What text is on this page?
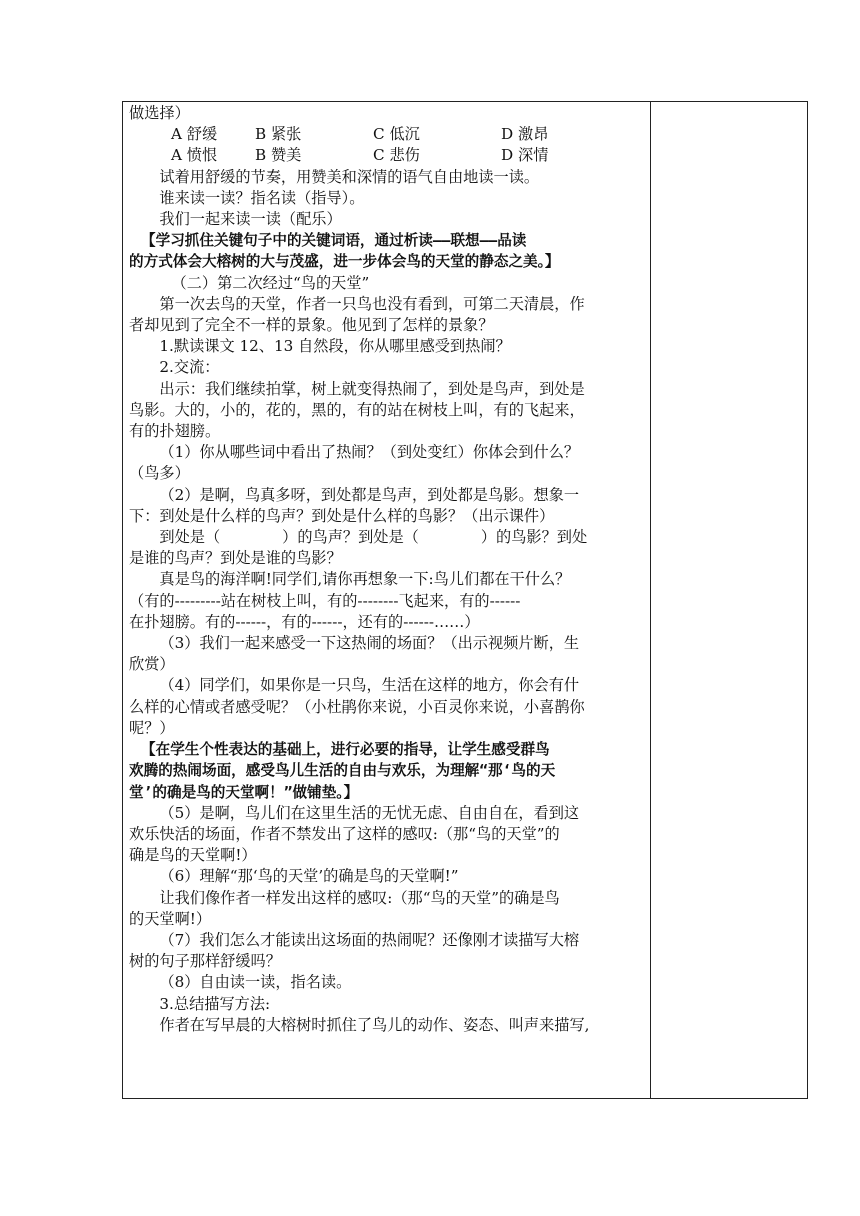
做选择）

A 舒缓	B 紧张	C 低沉	D 激昂
A 愤恨	B 赞美	C 悲伤	D 深情

试着用舒缓的节奏，用赞美和深情的语气自由地读一读。

谁来读一读？指名读（指导）。

我们一起来读一读（配乐）

【学习抓住关键句子中的关键词语，通过析读——联想——品读

的方式体会大榕树的大与茂盛，进一步体会鸟的天堂的静态之美。】

（二）第二次经过“鸟的天堂”

第一次去鸟的天堂，作者一只鸟也没有看到，可第二天清晨，作

者却见到了完全不一样的景象。他见到了怎样的景象？

1.默读课文 12、13 自然段，你从哪里感受到热闹？

2.交流：

出示：我们继续拍掌，树上就变得热闹了，到处是鸟声，到处是

鸟影。大的，小的，花的，黑的，有的站在树枝上叫，有的飞起来，

有的扑翅膀。

（1）你从哪些词中看出了热闹？（到处变红）你体会到什么？

（鸟多）

（2）是啊，鸟真多呀，到处都是鸟声，到处都是鸟影。想象一

下：到处是什么样的鸟声？到处是什么样的鸟影？（出示课件）

到处是（	）的鸟声？到处是（	）的鸟影？到处

是谁的鸟声？到处是谁的鸟影？

真是鸟的海洋啊!同学们,请你再想象一下:鸟儿们都在干什么？

（有的---------站在树枝上叫，有的--------飞起来，有的------

在扑翅膀。有的------，有的------，还有的------……）

（3）我们一起来感受一下这热闹的场面？（出示视频片断，生

欣赏）

（4）同学们，如果你是一只鸟，生活在这样的地方，你会有什

么样的心情或者感受呢？（小杜鹃你来说，小百灵你来说，小喜鹊你

呢？）

【在学生个性表达的基础上，进行必要的指导，让学生感受群鸟

欢腾的热闹场面，感受鸟儿生活的自由与欢乐，为理解“那‘鸟的天

堂’的确是鸟的天堂啊！”做铺垫。】

（5）是啊，鸟儿们在这里生活的无忧无虑、自由自在，看到这

欢乐快活的场面，作者不禁发出了这样的感叹:（那“鸟的天堂”的

确是鸟的天堂啊!）

（6）理解“那‘鸟的天堂’的确是鸟的天堂啊!”

让我们像作者一样发出这样的感叹:（那“鸟的天堂”的确是鸟

的天堂啊!）

（7）我们怎么才能读出这场面的热闹呢？还像刚才读描写大榕

树的句子那样舒缓吗？

（8）自由读一读，指名读。

3.总结描写方法:

作者在写早晨的大榕树时抓住了鸟儿的动作、姿态、叫声来描写,
